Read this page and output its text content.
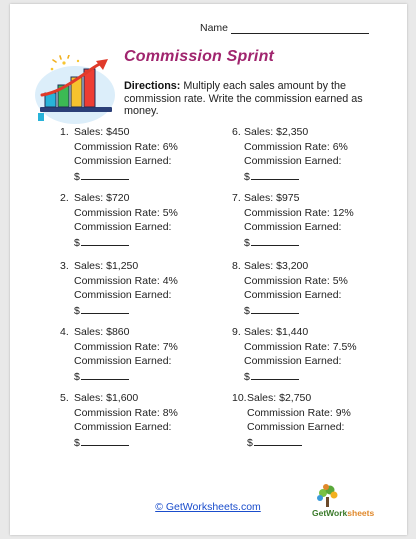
Name
Commission Sprint
Directions: Multiply each sales amount by the commission rate. Write the commission earned as money.
1. Sales: $450
Commission Rate: 6%
Commission Earned:
$
2. Sales: $720
Commission Rate: 5%
Commission Earned:
$
3. Sales: $1,250
Commission Rate: 4%
Commission Earned:
$
4. Sales: $860
Commission Rate: 7%
Commission Earned:
$
5. Sales: $1,600
Commission Rate: 8%
Commission Earned:
$
6. Sales: $2,350
Commission Rate: 6%
Commission Earned:
$
7. Sales: $975
Commission Rate: 12%
Commission Earned:
$
8. Sales: $3,200
Commission Rate: 5%
Commission Earned:
$
9. Sales: $1,440
Commission Rate: 7.5%
Commission Earned:
$
10. Sales: $2,750
Commission Rate: 9%
Commission Earned:
$
© GetWorksheets.com	GetWorksheets
